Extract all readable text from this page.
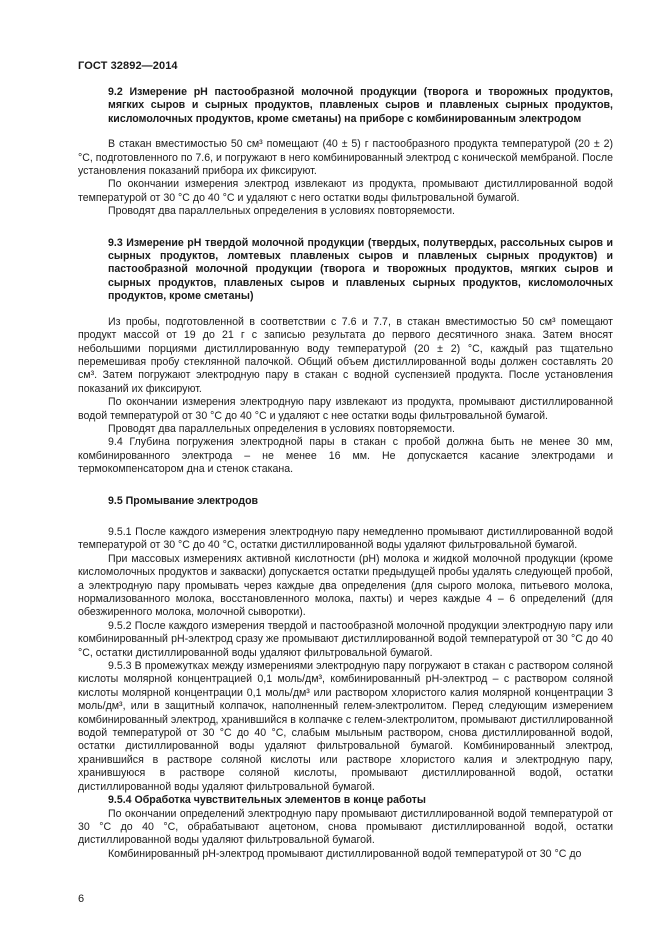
ГОСТ 32892—2014

9.2 Измерение рН пастообразной молочной продукции (творога и творожных продуктов, мягких сыров и сырных продуктов, плавленых сыров и плавленых сырных продуктов, кисломолочных продуктов, кроме сметаны) на приборе с комбинированным электродом

В стакан вместимостью 50 см³ помещают (40 ± 5) г пастообразного продукта температурой (20 ± 2) °С, подготовленного по 7.6, и погружают в него комбинированный электрод с конической мембраной. После установления показаний прибора их фиксируют.

По окончании измерения электрод извлекают из продукта, промывают дистиллированной водой температурой от 30 °С до 40 °С и удаляют с него остатки воды фильтровальной бумагой.

Проводят два параллельных определения в условиях повторяемости.

9.3 Измерение рН твердой молочной продукции (твердых, полутвердых, рассольных сыров и сырных продуктов, ломтевых плавленых сыров и плавленых сырных продуктов) и пастообразной молочной продукции (творога и творожных продуктов, мягких сыров и сырных продуктов, плавленых сыров и плавленых сырных продуктов, кисломолочных продуктов, кроме сметаны)

Из пробы, подготовленной в соответствии с 7.6 и 7.7, в стакан вместимостью 50 см³ помещают продукт массой от 19 до 21 г с записью результата до первого десятичного знака. Затем вносят небольшими порциями дистиллированную воду температурой (20 ± 2) °С, каждый раз тщательно перемешивая пробу стеклянной палочкой. Общий объем дистиллированной воды должен составлять 20 см³. Затем погружают электродную пару в стакан с водной суспензией продукта. После установления показаний их фиксируют.

По окончании измерения электродную пару извлекают из продукта, промывают дистиллированной водой температурой от 30 °С до 40 °С и удаляют с нее остатки воды фильтровальной бумагой.

Проводят два параллельных определения в условиях повторяемости.

9.4 Глубина погружения электродной пары в стакан с пробой должна быть не менее 30 мм, комбинированного электрода – не менее 16 мм. Не допускается касание электродами и термокомпенсатором дна и стенок стакана.

9.5 Промывание электродов

9.5.1 После каждого измерения электродную пару немедленно промывают дистиллированной водой температурой от 30 °С до 40 °С, остатки дистиллированной воды удаляют фильтровальной бумагой.

При массовых измерениях активной кислотности (рН) молока и жидкой молочной продукции (кроме кисломолочных продуктов и закваски) допускается остатки предыдущей пробы удалять следующей пробой, а электродную пару промывать через каждые два определения (для сырого молока, питьевого молока, нормализованного молока, восстановленного молока, пахты) и через каждые 4 – 6 определений (для обезжиренного молока, молочной сыворотки).

9.5.2 После каждого измерения твердой и пастообразной молочной продукции электродную пару или комбинированный рН-электрод сразу же промывают дистиллированной водой температурой от 30 °С до 40 °С, остатки дистиллированной воды удаляют фильтровальной бумагой.

9.5.3 В промежутках между измерениями электродную пару погружают в стакан с раствором соляной кислоты молярной концентрацией 0,1 моль/дм³, комбинированный рН-электрод – с раствором соляной кислоты молярной концентрации 0,1 моль/дм³ или раствором хлористого калия молярной концентрации 3 моль/дм³, или в защитный колпачок, наполненный гелем-электролитом. Перед следующим измерением комбинированный электрод, хранившийся в колпачке с гелем-электролитом, промывают дистиллированной водой температурой от 30 °С до 40 °С, слабым мыльным раствором, снова дистиллированной водой, остатки дистиллированной воды удаляют фильтровальной бумагой. Комбинированный электрод, хранившийся в растворе соляной кислоты или растворе хлористого калия и электродную пару, хранившуюся в растворе соляной кислоты, промывают дистиллированной водой, остатки дистиллированной воды удаляют фильтровальной бумагой.

9.5.4 Обработка чувствительных элементов в конце работы

По окончании определений электродную пару промывают дистиллированной водой температурой от 30 °С до 40 °С, обрабатывают ацетоном, снова промывают дистиллированной водой, остатки дистиллированной воды удаляют фильтровальной бумагой.

Комбинированный рН-электрод промывают дистиллированной водой температурой от 30 °С до

6
